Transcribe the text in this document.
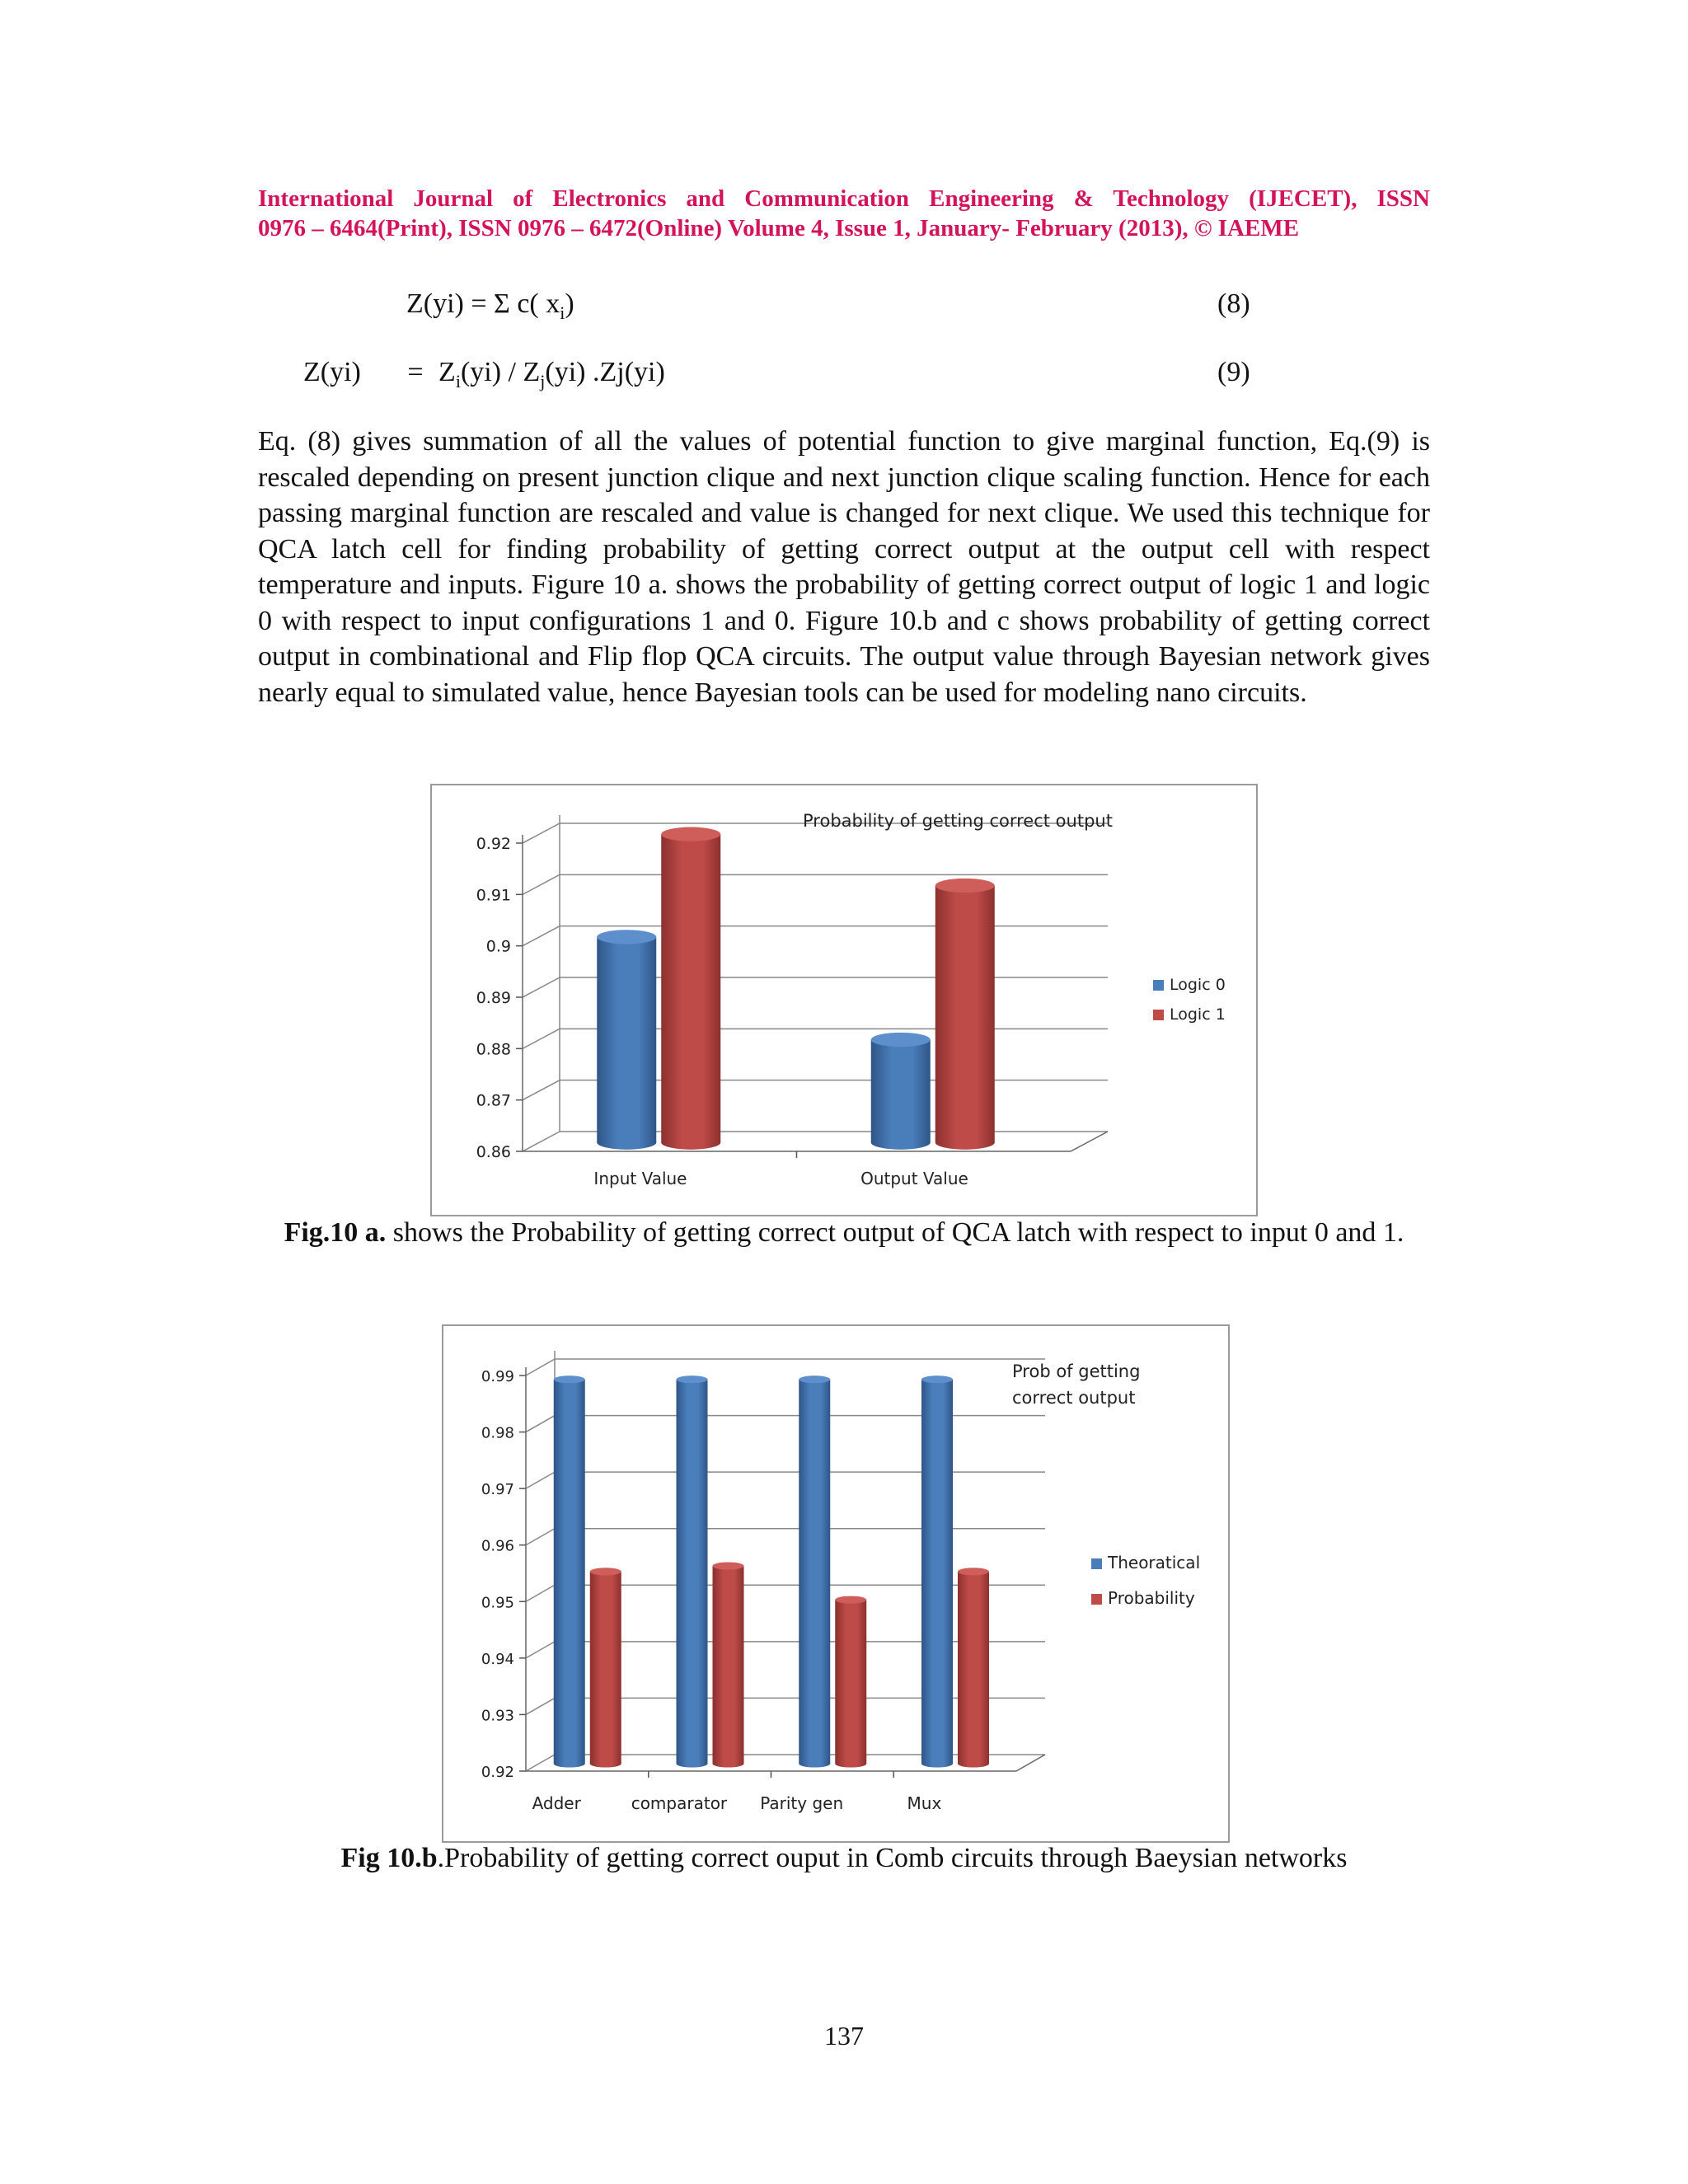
International Journal of Electronics and Communication Engineering & Technology (IJECET), ISSN
0976 – 6464(Print), ISSN 0976 – 6472(Online) Volume 4, Issue 1, January- February (2013), © IAEME
Z(yi) = Σ c( $x_i$)	(8)
$Z(yi) = Z_i(yi) / Z_j(yi)$ .Zj(yi)	(9)

Eq. (8) gives summation of all the values of potential function to give marginal function, Eq.(9) is rescaled depending on present junction clique and next junction clique scaling function. Hence for each passing marginal function are rescaled and value is changed for next clique. We used this technique for QCA latch cell for finding probability of getting correct output at the output cell with respect temperature and inputs. Figure 10 a. shows the probability of getting correct output of logic 1 and logic 0 with respect to input configurations 1 and 0. Figure 10.b and c shows probability of getting correct output in combinational and Flip flop QCA circuits. The output value through Bayesian network gives nearly equal to simulated value, hence Bayesian tools can be used for modeling nano circuits.

0.92
0.91
0.9
0.89
0.88
0.87
0.86
Input Value	Output Value
Probability of getting correct output
Logic 0
Logic 1
Fig.10 a. shows the Probability of getting correct output of QCA latch with respect to input 0 and 1.
0.99
0.98
0.97
0.96
0.95
0.94
0.93
0.92
Adder	comparator Parity gen	Mux
Prob of getting
correct output
Theoratical
Probability
Fig 10.b.Probability of getting correct ouput in Comb circuits through Baeysian networks
137
